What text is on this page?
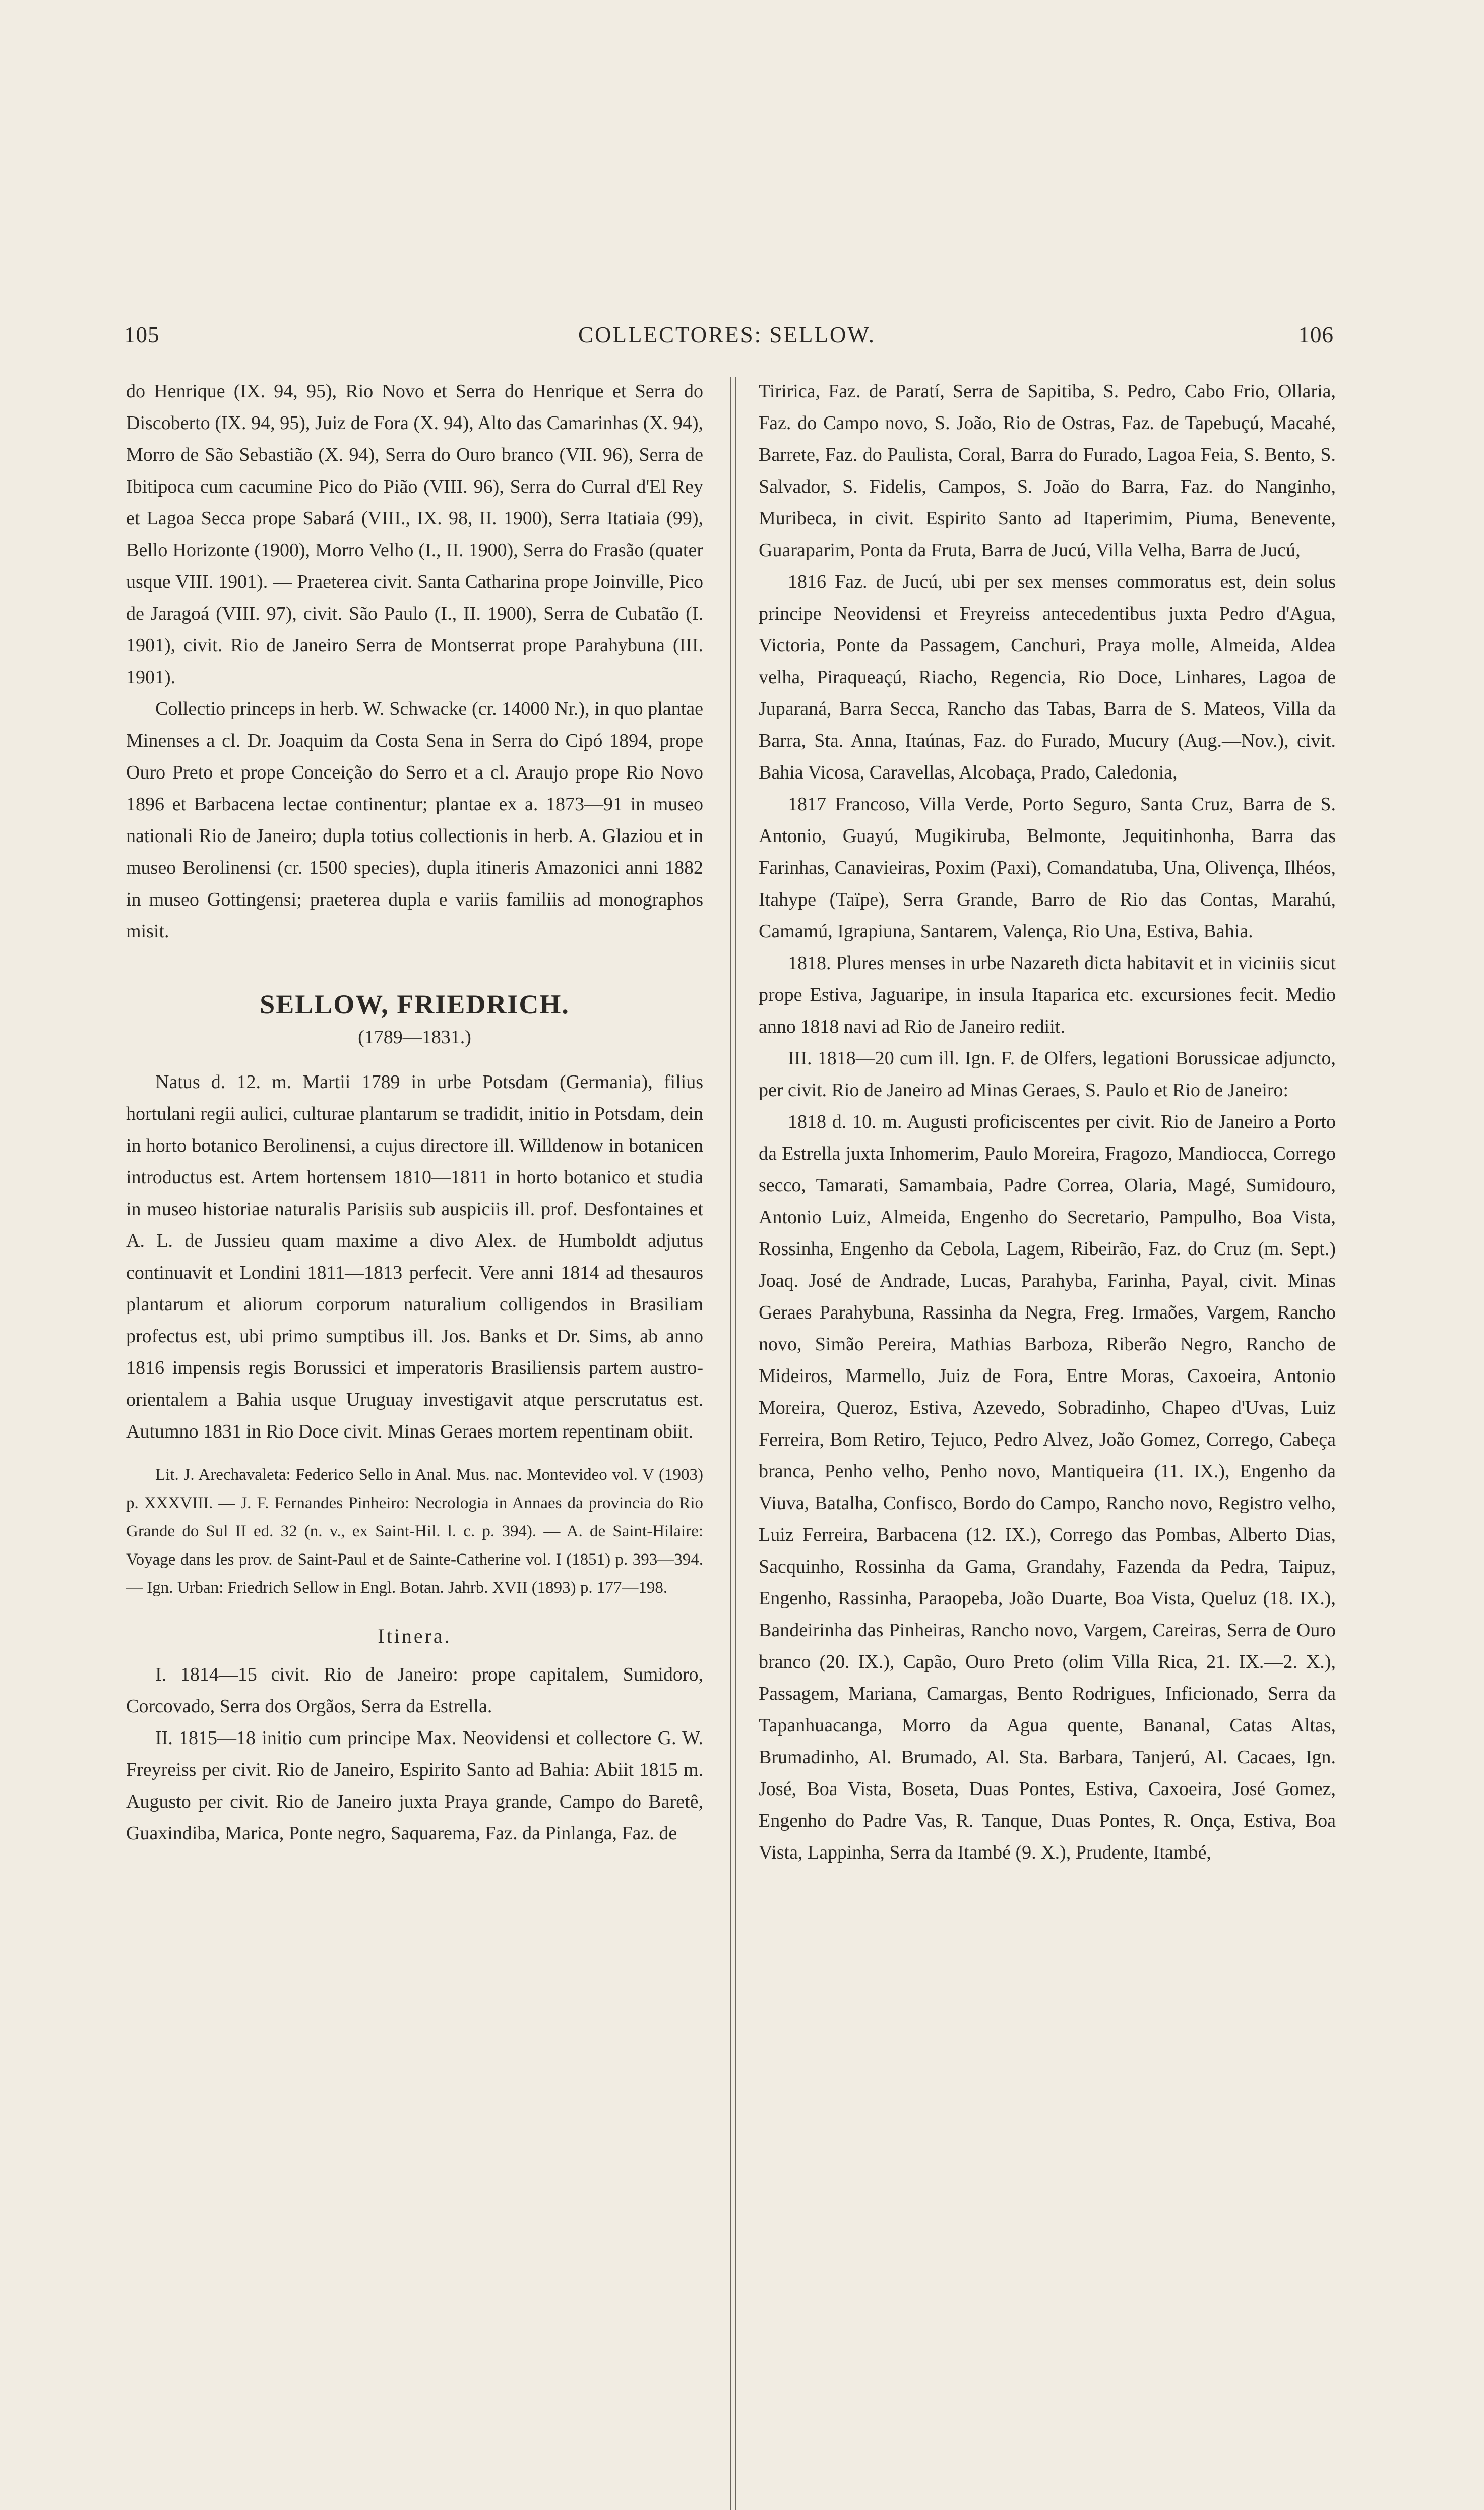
105	COLLECTORES: SELLOW.	106

do Henrique (IX. 94, 95), Rio Novo et Serra do Henrique et Serra do Discoberto (IX. 94, 95), Juiz de Fora (X. 94), Alto das Camarinhas (X. 94), Morro de São Sebastião (X. 94), Serra do Ouro branco (VII. 96), Serra de Ibitipoca cum cacumine Pico do Pião (VIII. 96), Serra do Curral d'El Rey et Lagoa Secca prope Sabará (VIII., IX. 98, II. 1900), Serra Itatiaia (99), Bello Horizonte (1900), Morro Velho (I., II. 1900), Serra do Frasão (quater usque VIII. 1901). — Praeterea civit. Santa Catharina prope Joinville, Pico de Jaragoá (VIII. 97), civit. São Paulo (I., II. 1900), Serra de Cubatão (I. 1901), civit. Rio de Janeiro Serra de Montserrat prope Parahybuna (III. 1901).

Collectio princeps in herb. W. Schwacke (cr. 14000 Nr.), in quo plantae Minenses a cl. Dr. Joaquim da Costa Sena in Serra do Cipó 1894, prope Ouro Preto et prope Conceição do Serro et a cl. Araujo prope Rio Novo 1896 et Barbacena lectae continentur; plantae ex a. 1873—91 in museo nationali Rio de Janeiro; dupla totius collectionis in herb. A. Glaziou et in museo Berolinensi (cr. 1500 species), dupla itineris Amazonici anni 1882 in museo Gottingensi; praeterea dupla e variis familiis ad monographos misit.

SELLOW, FRIEDRICH.
(1789—1831.)

Natus d. 12. m. Martii 1789 in urbe Potsdam (Germania), filius hortulani regii aulici, culturae plantarum se tradidit, initio in Potsdam, dein in horto botanico Berolinensi, a cujus directore ill. Willdenow in botanicen introductus est. Artem hortensem 1810—1811 in horto botanico et studia in museo historiae naturalis Parisiis sub auspiciis ill. prof. Desfontaines et A. L. de Jussieu quam maxime a divo Alex. de Humboldt adjutus continuavit et Londini 1811—1813 perfecit. Vere anni 1814 ad thesauros plantarum et aliorum corporum naturalium colligendos in Brasiliam profectus est, ubi primo sumptibus ill. Jos. Banks et Dr. Sims, ab anno 1816 impensis regis Borussici et imperatoris Brasiliensis partem austro-orientalem a Bahia usque Uruguay investigavit atque perscrutatus est. Autumno 1831 in Rio Doce civit. Minas Geraes mortem repentinam obiit.

Lit. J. Arechavaleta: Federico Sello in Anal. Mus. nac. Montevideo vol. V (1903) p. XXXVIII. — J. F. Fernandes Pinheiro: Necrologia in Annaes da provincia do Rio Grande do Sul II ed. 32 (n. v., ex Saint-Hil. l. c. p. 394). — A. de Saint-Hilaire: Voyage dans les prov. de Saint-Paul et de Sainte-Catherine vol. I (1851) p. 393—394. — Ign. Urban: Friedrich Sellow in Engl. Botan. Jahrb. XVII (1893) p. 177—198.

Itinera.

I. 1814—15 civit. Rio de Janeiro: prope capitalem, Sumidoro, Corcovado, Serra dos Orgãos, Serra da Estrella.

II. 1815—18 initio cum principe Max. Neovidensi et collectore G. W. Freyreiss per civit. Rio de Janeiro, Espirito Santo ad Bahia: Abiit 1815 m. Augusto per civit. Rio de Janeiro juxta Praya grande, Campo do Baretê, Guaxindiba, Marica, Ponte negro, Saquarema, Faz. da Pinlanga, Faz. de

Tiririca, Faz. de Paratí, Serra de Sapitiba, S. Pedro, Cabo Frio, Ollaria, Faz. do Campo novo, S. João, Rio de Ostras, Faz. de Tapebuçú, Macahé, Barrete, Faz. do Paulista, Coral, Barra do Furado, Lagoa Feia, S. Bento, S. Salvador, S. Fidelis, Campos, S. João do Barra, Faz. do Nanginho, Muribeca, in civit. Espirito Santo ad Itaperimim, Piuma, Benevente, Guaraparim, Ponta da Fruta, Barra de Jucú, Villa Velha, Barra de Jucú,

1816 Faz. de Jucú, ubi per sex menses commoratus est, dein solus principe Neovidensi et Freyreiss antecedentibus juxta Pedro d'Agua, Victoria, Ponte da Passagem, Canchuri, Praya molle, Almeida, Aldea velha, Piraqueaçú, Riacho, Regencia, Rio Doce, Linhares, Lagoa de Juparaná, Barra Secca, Rancho das Tabas, Barra de S. Mateos, Villa da Barra, Sta. Anna, Itaúnas, Faz. do Furado, Mucury (Aug.—Nov.), civit. Bahia Vicosa, Caravellas, Alcobaça, Prado, Caledonia,

1817 Francoso, Villa Verde, Porto Seguro, Santa Cruz, Barra de S. Antonio, Guayú, Mugikiruba, Belmonte, Jequitinhonha, Barra das Farinhas, Canavieiras, Poxim (Paxi), Comandatuba, Una, Olivença, Ilhéos, Itahype (Taïpe), Serra Grande, Barro de Rio das Contas, Marahú, Camamú, Igrapiuna, Santarem, Valença, Rio Una, Estiva, Bahia.

1818. Plures menses in urbe Nazareth dicta habitavit et in viciniis sicut prope Estiva, Jaguaripe, in insula Itaparica etc. excursiones fecit. Medio anno 1818 navi ad Rio de Janeiro rediit.

III. 1818—20 cum ill. Ign. F. de Olfers, legationi Borussicae adjuncto, per civit. Rio de Janeiro ad Minas Geraes, S. Paulo et Rio de Janeiro:

1818 d. 10. m. Augusti proficiscentes per civit. Rio de Janeiro a Porto da Estrella juxta Inhomerim, Paulo Moreira, Fragozo, Mandiocca, Corrego secco, Tamarati, Samambaia, Padre Correa, Olaria, Magé, Sumidouro, Antonio Luiz, Almeida, Engenho do Secretario, Pampulho, Boa Vista, Rossinha, Engenho da Cebola, Lagem, Ribeirão, Faz. do Cruz (m. Sept.) Joaq. José de Andrade, Lucas, Parahyba, Farinha, Payal, civit. Minas Geraes Parahybuna, Rassinha da Negra, Freg. Irmaões, Vargem, Rancho novo, Simão Pereira, Mathias Barboza, Riberão Negro, Rancho de Mideiros, Marmello, Juiz de Fora, Entre Moras, Caxoeira, Antonio Moreira, Queroz, Estiva, Azevedo, Sobradinho, Chapeo d'Uvas, Luiz Ferreira, Bom Retiro, Tejuco, Pedro Alvez, João Gomez, Corrego, Cabeça branca, Penho velho, Penho novo, Mantiqueira (11. IX.), Engenho da Viuva, Batalha, Confisco, Bordo do Campo, Rancho novo, Registro velho, Luiz Ferreira, Barbacena (12. IX.), Corrego das Pombas, Alberto Dias, Sacquinho, Rossinha da Gama, Grandahy, Fazenda da Pedra, Taipuz, Engenho, Rassinha, Paraopeba, João Duarte, Boa Vista, Queluz (18. IX.), Bandeirinha das Pinheiras, Rancho novo, Vargem, Careiras, Serra de Ouro branco (20. IX.), Capão, Ouro Preto (olim Villa Rica, 21. IX.—2. X.), Passagem, Mariana, Camargas, Bento Rodrigues, Inficionado, Serra da Tapanhuacanga, Morro da Agua quente, Bananal, Catas Altas, Brumadinho, Al. Brumado, Al. Sta. Barbara, Tanjerú, Al. Cacaes, Ign. José, Boa Vista, Boseta, Duas Pontes, Estiva, Caxoeira, José Gomez, Engenho do Padre Vas, R. Tanque, Duas Pontes, R. Onça, Estiva, Boa Vista, Lappinha, Serra da Itambé (9. X.), Prudente, Itambé,
